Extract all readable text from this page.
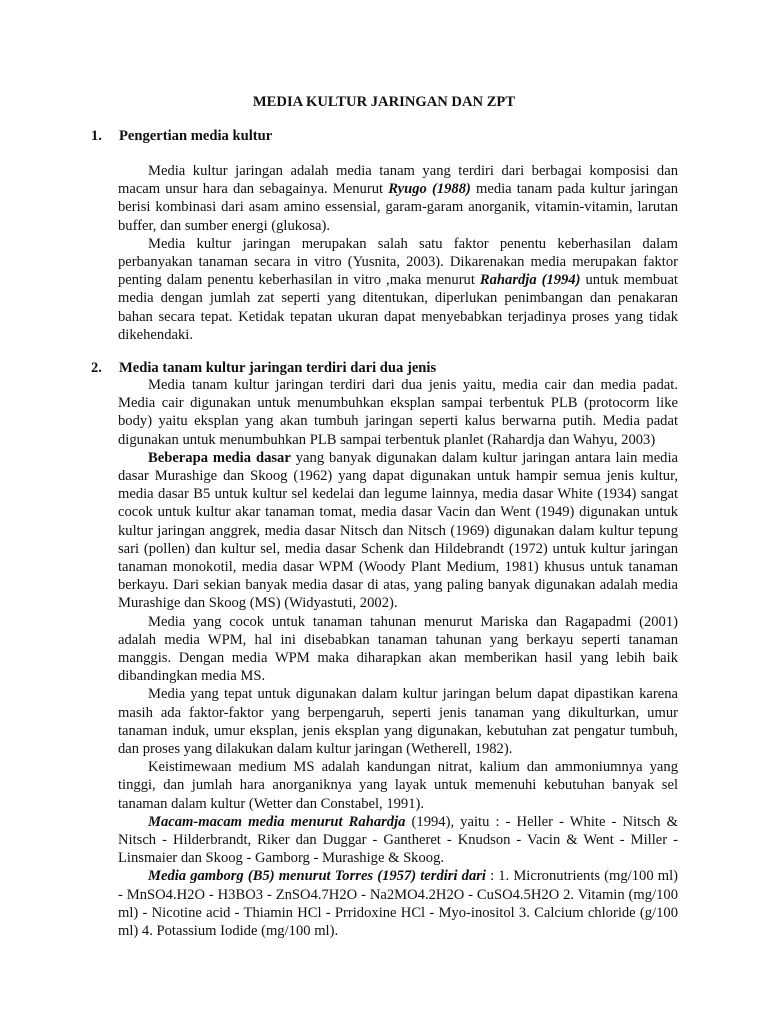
MEDIA KULTUR JARINGAN DAN ZPT
1. Pengertian media kultur

Media kultur jaringan adalah media tanam yang terdiri dari berbagai komposisi dan macam unsur hara dan sebagainya. Menurut Ryugo (1988) media tanam pada kultur jaringan berisi kombinasi dari asam amino essensial, garam-garam anorganik, vitamin-vitamin, larutan buffer, dan sumber energi (glukosa).

Media kultur jaringan merupakan salah satu faktor penentu keberhasilan dalam perbanyakan tanaman secara in vitro (Yusnita, 2003). Dikarenakan media merupakan faktor penting dalam penentu keberhasilan in vitro ,maka menurut Rahardja (1994) untuk membuat media dengan jumlah zat seperti yang ditentukan, diperlukan penimbangan dan penakaran bahan secara tepat. Ketidak tepatan ukuran dapat menyebabkan terjadinya proses yang tidak dikehendaki.

2. Media tanam kultur jaringan terdiri dari dua jenis

Media tanam kultur jaringan terdiri dari dua jenis yaitu, media cair dan media padat. Media cair digunakan untuk menumbuhkan eksplan sampai terbentuk PLB (protocorm like body) yaitu eksplan yang akan tumbuh jaringan seperti kalus berwarna putih. Media padat digunakan untuk menumbuhkan PLB sampai terbentuk planlet (Rahardja dan Wahyu, 2003)

Beberapa media dasar yang banyak digunakan dalam kultur jaringan antara lain media dasar Murashige dan Skoog (1962) yang dapat digunakan untuk hampir semua jenis kultur, media dasar B5 untuk kultur sel kedelai dan legume lainnya, media dasar White (1934) sangat cocok untuk kultur akar tanaman tomat, media dasar Vacin dan Went (1949) digunakan untuk kultur jaringan anggrek, media dasar Nitsch dan Nitsch (1969) digunakan dalam kultur tepung sari (pollen) dan kultur sel, media dasar Schenk dan Hildebrandt (1972) untuk kultur jaringan tanaman monokotil, media dasar WPM (Woody Plant Medium, 1981) khusus untuk tanaman berkayu. Dari sekian banyak media dasar di atas, yang paling banyak digunakan adalah media Murashige dan Skoog (MS) (Widyastuti, 2002).

Media yang cocok untuk tanaman tahunan menurut Mariska dan Ragapadmi (2001) adalah media WPM, hal ini disebabkan tanaman tahunan yang berkayu seperti tanaman manggis. Dengan media WPM maka diharapkan akan memberikan hasil yang lebih baik dibandingkan media MS.

Media yang tepat untuk digunakan dalam kultur jaringan belum dapat dipastikan karena masih ada faktor-faktor yang berpengaruh, seperti jenis tanaman yang dikulturkan, umur tanaman induk, umur eksplan, jenis eksplan yang digunakan, kebutuhan zat pengatur tumbuh, dan proses yang dilakukan dalam kultur jaringan (Wetherell, 1982).

Keistimewaan medium MS adalah kandungan nitrat, kalium dan ammoniumnya yang tinggi, dan jumlah hara anorganiknya yang layak untuk memenuhi kebutuhan banyak sel tanaman dalam kultur (Wetter dan Constabel, 1991).

Macam-macam media menurut Rahardja (1994), yaitu : - Heller - White - Nitsch & Nitsch - Hilderbrandt, Riker dan Duggar - Gantheret - Knudson - Vacin & Went - Miller - Linsmaier dan Skoog - Gamborg - Murashige & Skoog.

Media gamborg (B5) menurut Torres (1957) terdiri dari : 1. Micronutrients (mg/100 ml) - MnSO4.H2O - H3BO3 - ZnSO4.7H2O - Na2MO4.2H2O - CuSO4.5H2O 2. Vitamin (mg/100 ml) - Nicotine acid - Thiamin HCl - Prridoxine HCl - Myo-inositol 3. Calcium chloride (g/100 ml) 4. Potassium Iodide (mg/100 ml).
